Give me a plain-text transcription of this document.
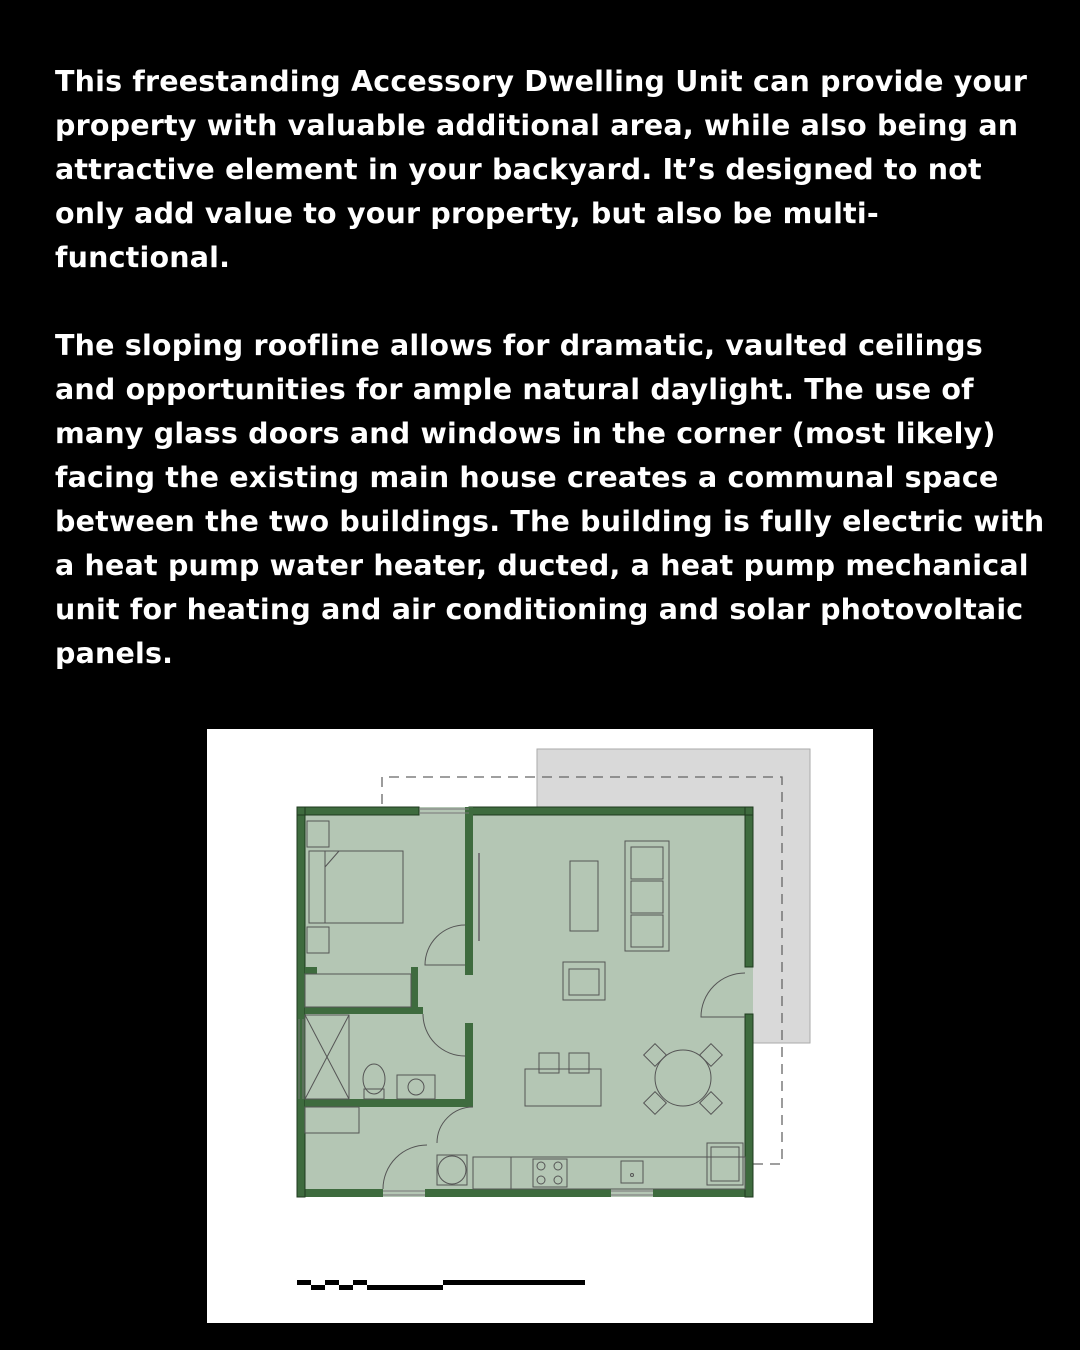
This freestanding Accessory Dwelling Unit can provide your property with valuable additional area, while also being an attractive element in your backyard. It’s designed to not only add value to your property, but also be multi-functional.

The sloping roofline allows for dramatic, vaulted ceilings and opportunities for ample natural daylight. The use of many glass doors and windows in the corner (most likely) facing the existing main house creates a communal space between the two buildings. The building is fully electric with a heat pump water heater, ducted, a heat pump mechanical unit for heating and air conditioning and solar photovoltaic panels.
